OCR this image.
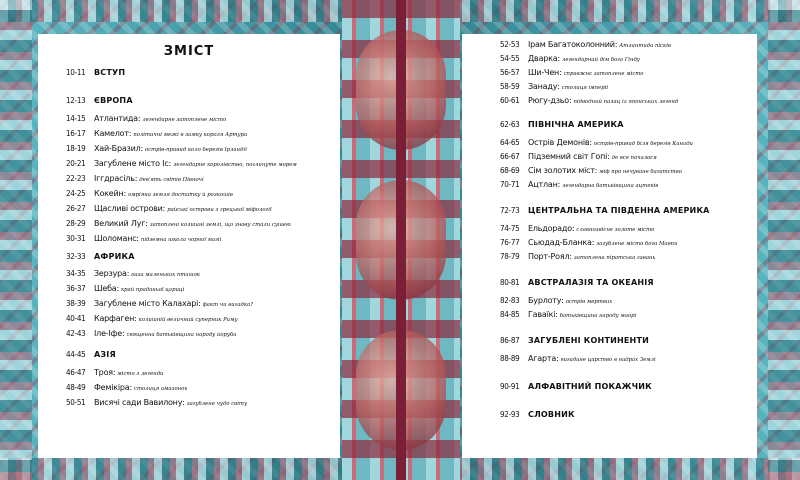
ЗМІСТ
10-11	ВСТУП
12-13	ЄВРОПА
14-15	Атлантида: легендарне затоплене місто
16-17	Камелот: політичні межі в замку короля Артура
18-19	Хай-Бразил: острів-привид коло берегів Ірландії
20-21	Загублене місто Іс: легендарне королівство, поглинуте морем
22-23	Іггдрасіль: дев'ять світів Півночі
24-25	Кокейн: омріяна земля достатку й розкошів
26-27	Щасливі острови: райські острови з грецької міфології
28-29	Великий Луг: затоплені колишні землі, що знову стали сушею
30-31	Шоломанс: підземна школа чорної магії
32-33	АФРИКА
34-35	Зерзура: оаза маленьких пташок
36-37	Шеба: край праданьої цариці
38-39	Загублене місто Калахарі: факт чи вигадка?
40-41	Карфаген: колишній величний суперник Риму
42-43	Іле-Іфе: священна батьківщина народу йоруба
44-45	АЗІЯ
46-47	Троя: місто з легенди
48-49	Фемікіра: столиця амазонок
50-51	Висячі сади Вавилону: загублене чудо світу
52-53	Ірам Багатоколонний: Атлантида пісків
54-55	Дварка: легендарний дім бога Гінду
56-57	Ши-Чен: справжнє затоплене місто
58-59	Занаду: столиця імперії
60-61	Рюгу-дзьо: підводний палац із японських легенд
62-63	ПІВНІЧНА АМЕРИКА
64-65	Острів Демонів: острів-привид біля берегів Канади
66-67	Підземний світ Гопі: де все почалося
68-69	Сім золотих міст: міф про нечуване багатство
70-71	Ацтлан: легендарна батьківщина ацтеків
72-73	ЦЕНТРАЛЬНА ТА ПІВДЕННА АМЕРИКА
74-75	Ельдорадо: славнозвісне золоте місто
76-77	Сьюдад-Бланка: загублене місто бога Мавпи
78-79	Порт-Роял: затоплена піратська гавань
80-81	АВСТРАЛАЗІЯ ТА ОКЕАНІЯ
82-83	Бурлоту: острів мертвих
84-85	Гаваїкі: батьківщина народу маорі
86-87	ЗАГУБЛЕНІ КОНТИНЕНТИ
88-89	Агарта: вигадане царство в надрах Землі
90-91	АЛФАВІТНИЙ ПОКАЖЧИК
92-93	СЛОВНИК
